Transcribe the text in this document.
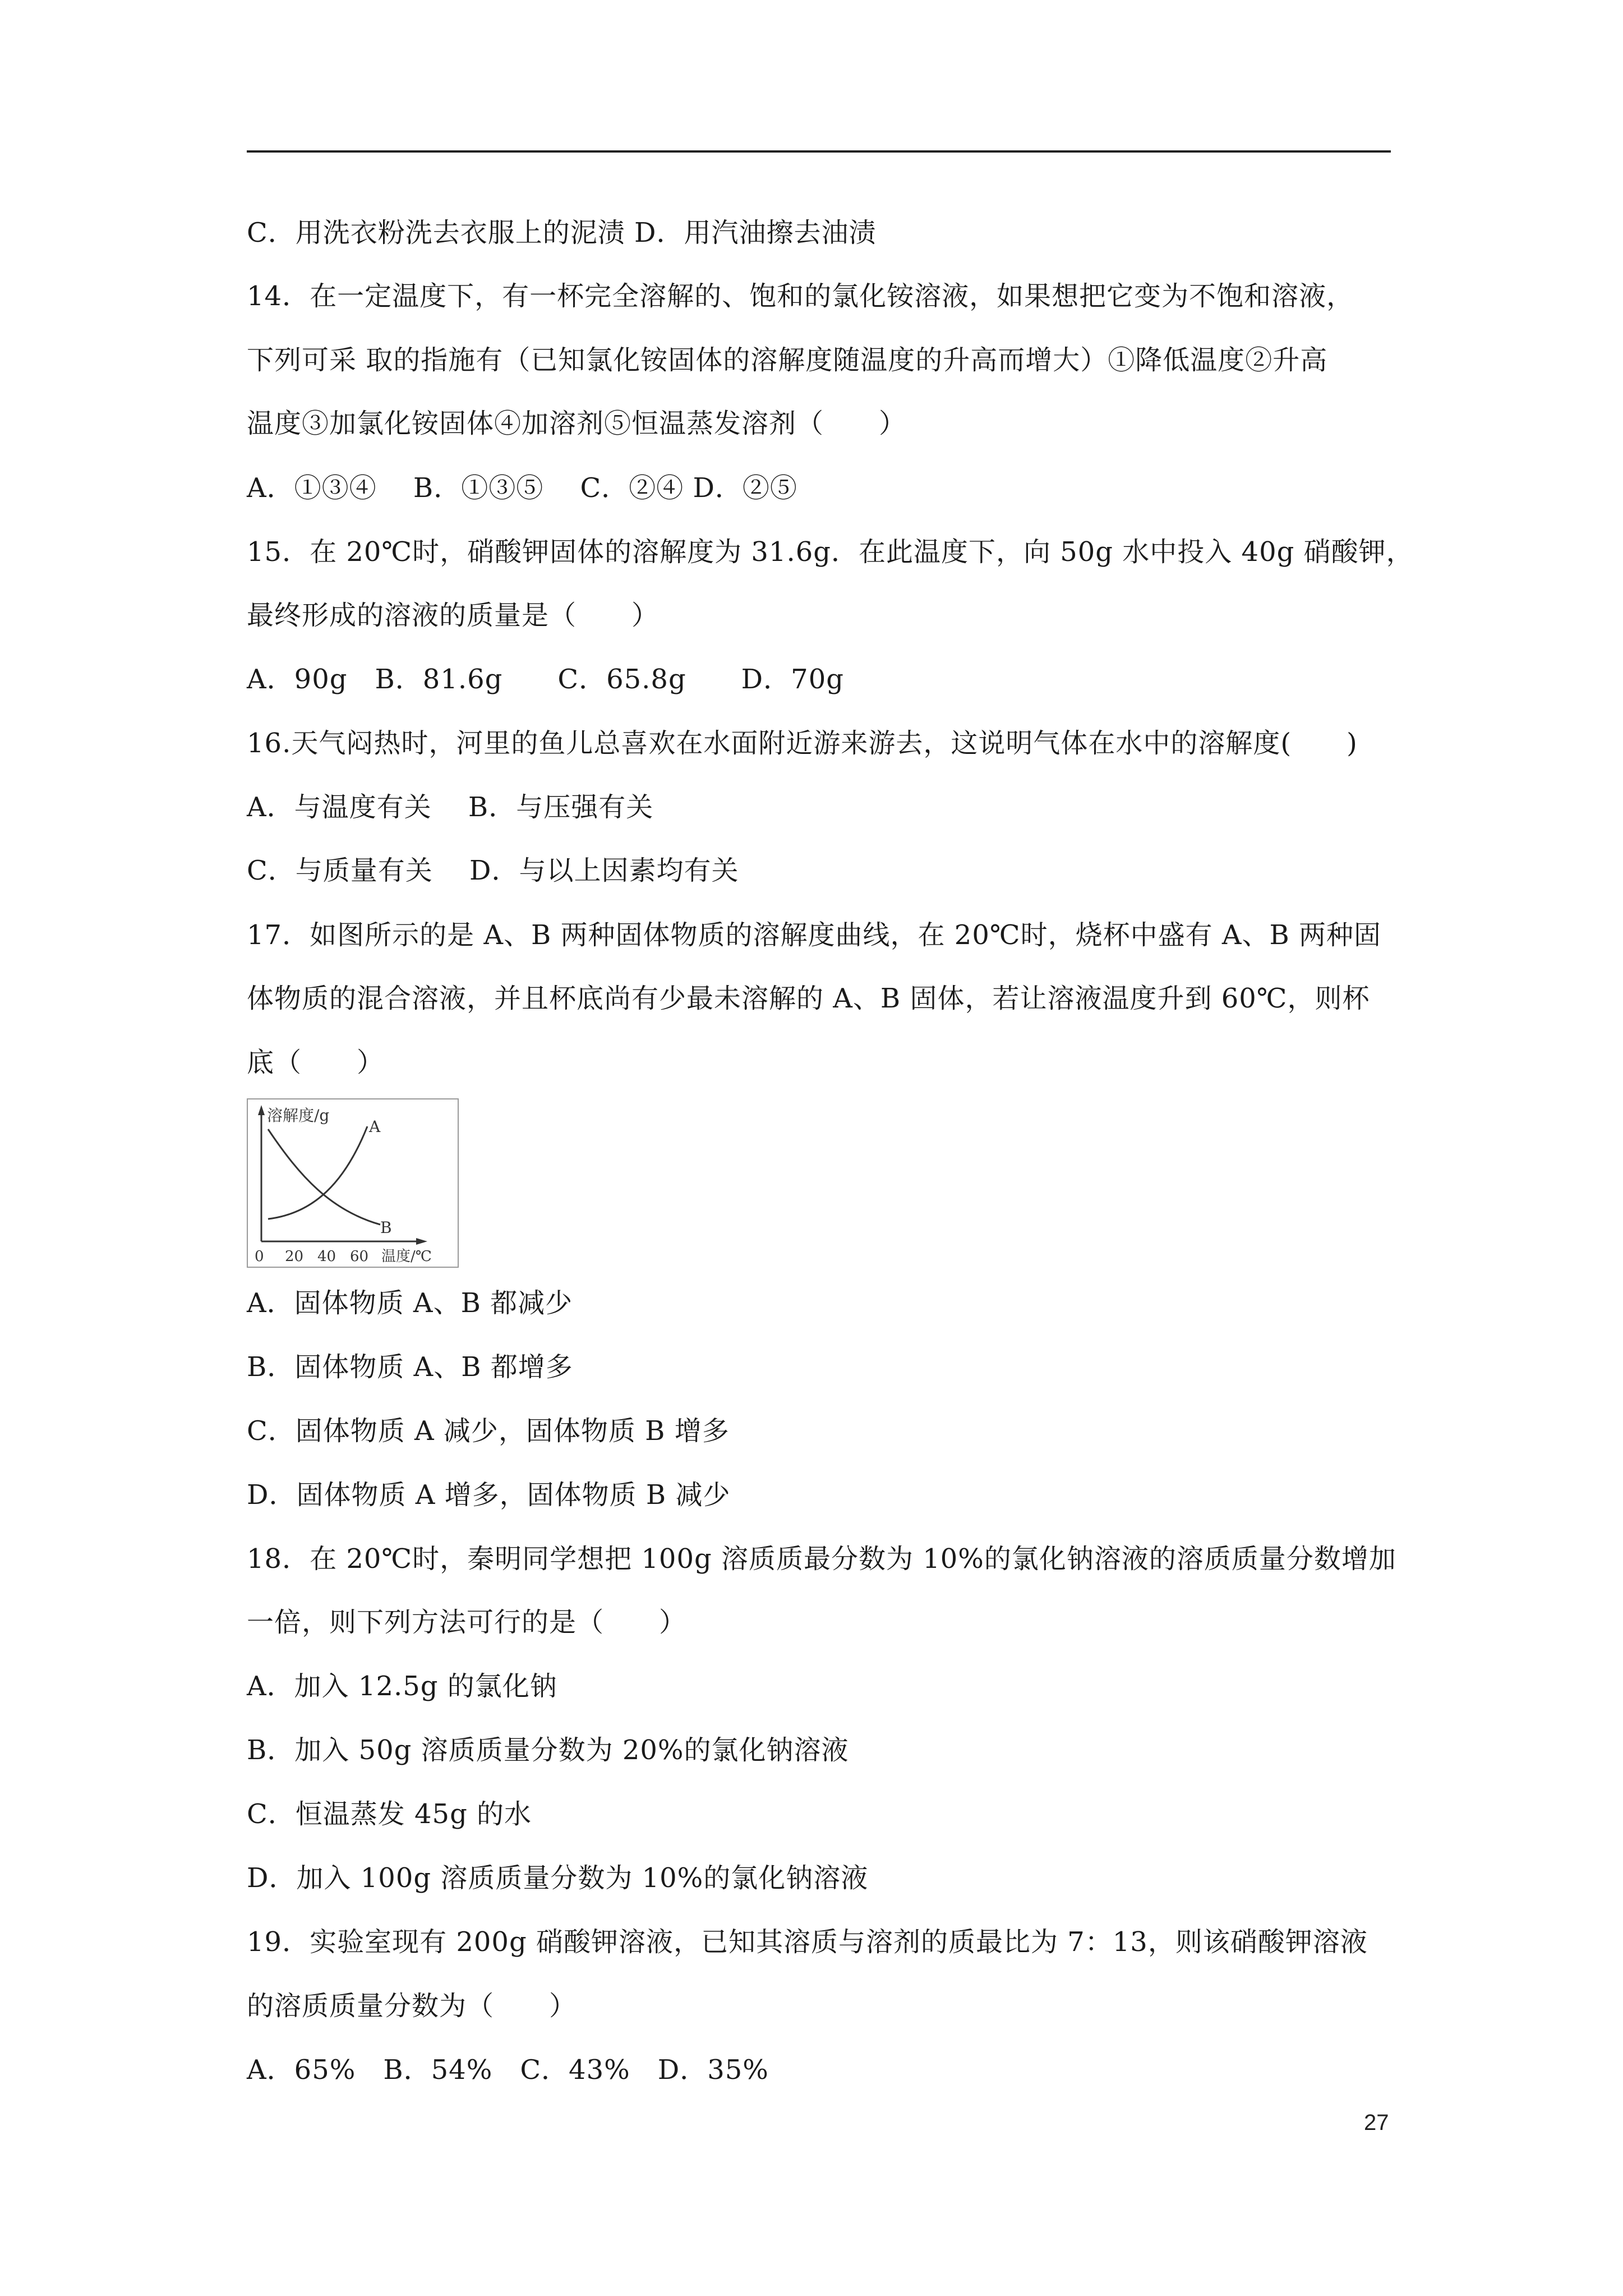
C．用洗衣粉洗去衣服上的泥渍 D．用汽油擦去油渍
14．在一定温度下，有一杯完全溶解的、饱和的氯化铵溶液，如果想把它变为不饱和溶液，
下列可采 取的指施有（已知氯化铵固体的溶解度随温度的升高而增大）①降低温度②升高
温度③加氯化铵固体④加溶剂⑤恒温蒸发溶剂（　　）
A．①③④　 B．①③⑤　 C．②④ D．②⑤
15．在 20℃时，硝酸钾固体的溶解度为 31.6g．在此温度下，向 50g 水中投入 40g 硝酸钾，
最终形成的溶液的质量是（　　）
A．90g　B．81.6g　　C．65.8g　　D．70g
16.天气闷热时，河里的鱼儿总喜欢在水面附近游来游去，这说明气体在水中的溶解度(　　)
A．与温度有关　 B．与压强有关
C．与质量有关　 D．与以上因素均有关
17．如图所示的是 A、B 两种固体物质的溶解度曲线，在 20℃时，烧杯中盛有 A、B 两种固
体物质的混合溶液，并且杯底尚有少最未溶解的 A、B 固体，若让溶液温度升到 60℃，则杯
底（　　）
溶解度/g
A
B
0 20 40 60 温度/℃
A．固体物质 A、B 都减少
B．固体物质 A、B 都增多
C．固体物质 A 减少，固体物质 B 增多
D．固体物质 A 增多，固体物质 B 减少
18．在 20℃时，秦明同学想把 100g 溶质质最分数为 10%的氯化钠溶液的溶质质量分数增加
一倍，则下列方法可行的是（　　）
A．加入 12.5g 的氯化钠
B．加入 50g 溶质质量分数为 20%的氯化钠溶液
C．恒温蒸发 45g 的水
D．加入 100g 溶质质量分数为 10%的氯化钠溶液
19．实验室现有 200g 硝酸钾溶液，已知其溶质与溶剂的质最比为 7：13，则该硝酸钾溶液
的溶质质量分数为（　　）
A．65%　B．54%　C．43%　D．35%
27
